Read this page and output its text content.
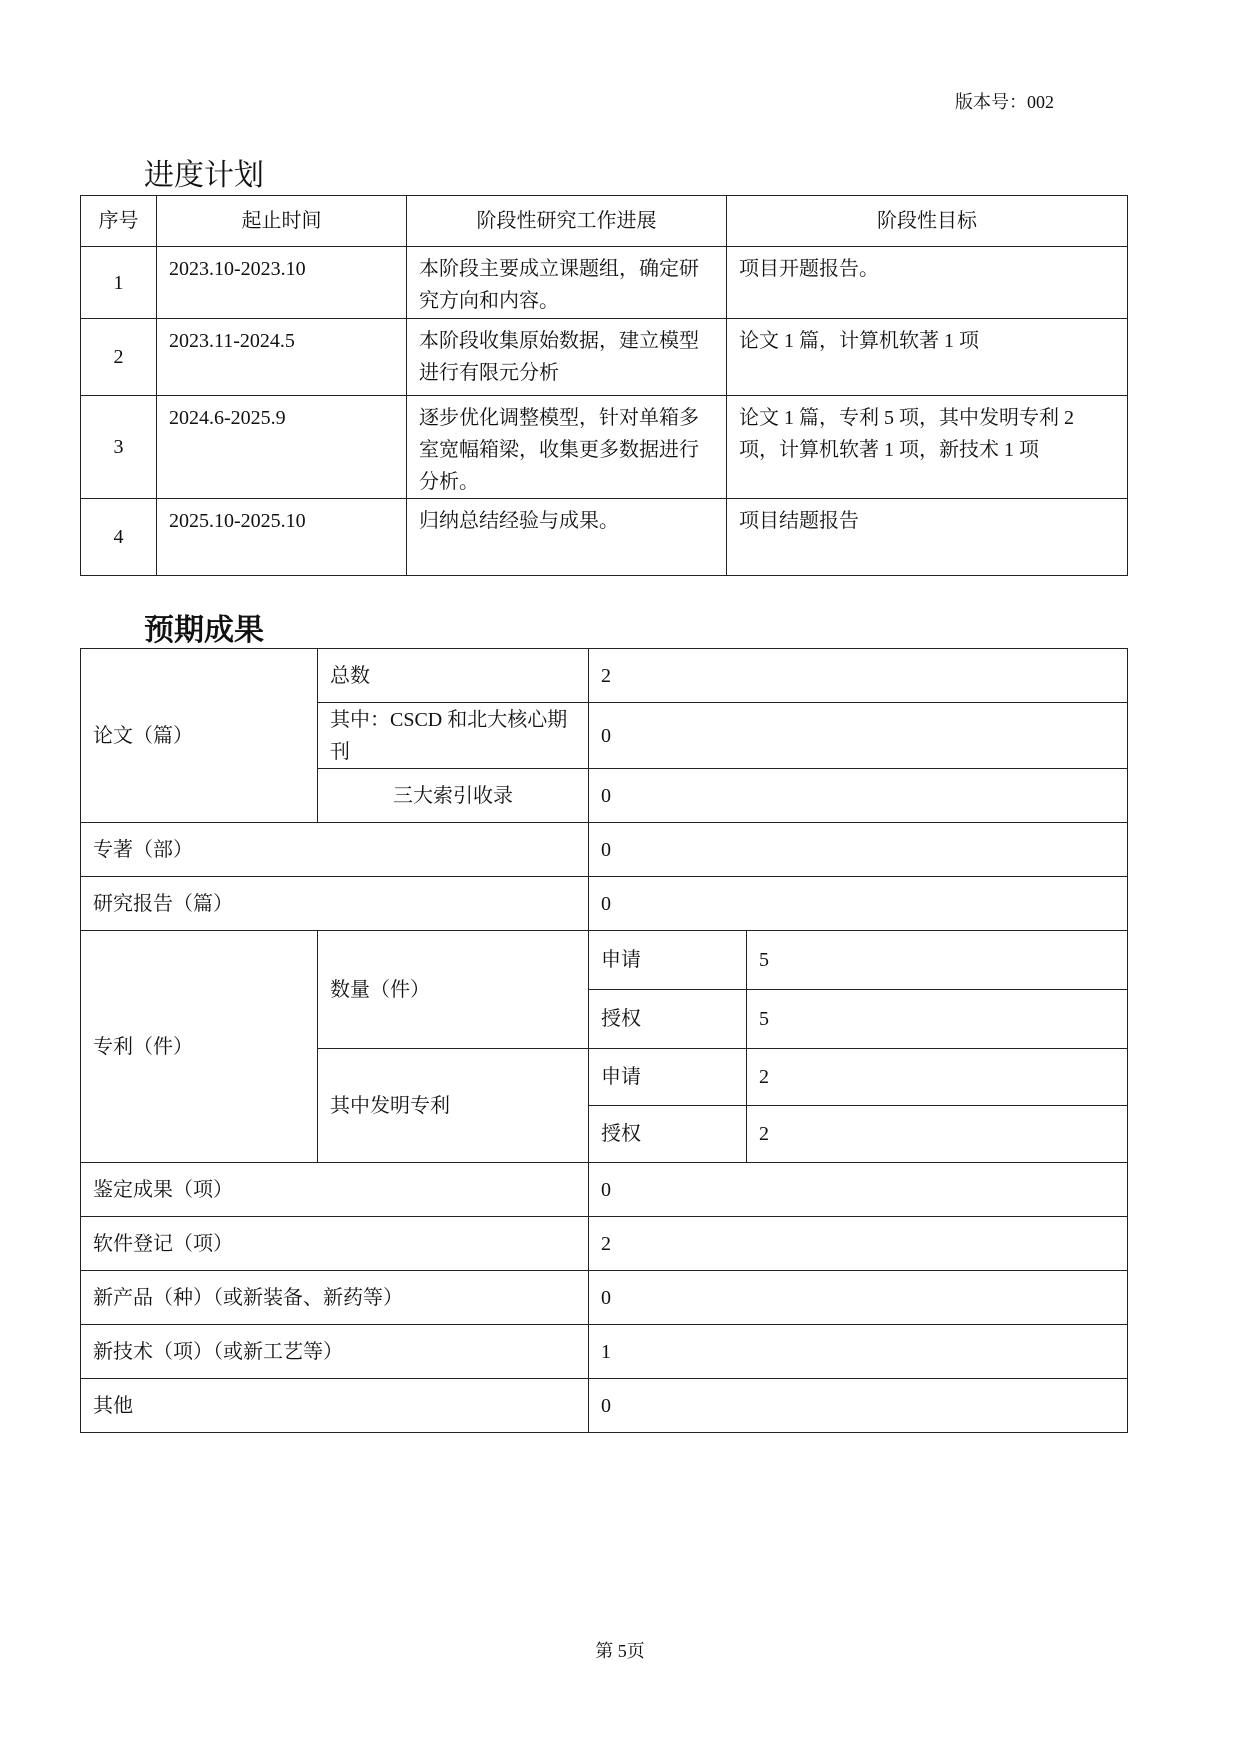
版本号：002
进度计划
序号	起止时间	阶段性研究工作进展	阶段性目标
1	2023.10-2023.10	本阶段主要成立课题组，确定研究方向和内容。	项目开题报告。
2	2023.11-2024.5	本阶段收集原始数据，建立模型进行有限元分析	论文 1 篇，计算机软著 1 项
3	2024.6-2025.9	逐步优化调整模型，针对单箱多室宽幅箱梁，收集更多数据进行分析。	论文 1 篇，专利 5 项，其中发明专利 2 项，计算机软著 1 项，新技术 1 项
4	2025.10-2025.10	归纳总结经验与成果。	项目结题报告
预期成果
论文（篇）	总数	2	
	其中：CSCD 和北大核心期刊	0	
	三大索引收录	0	
专著（部）		0	
研究报告（篇）		0	
专利（件）	数量（件）	申请	5
		授权	5
	其中发明专利	申请	2
		授权	2
鉴定成果（项）		0	
软件登记（项）		2	
新产品（种）（或新装备、新药等）		0	
新技术（项）（或新工艺等）		1	
其他		0	
第 5页
